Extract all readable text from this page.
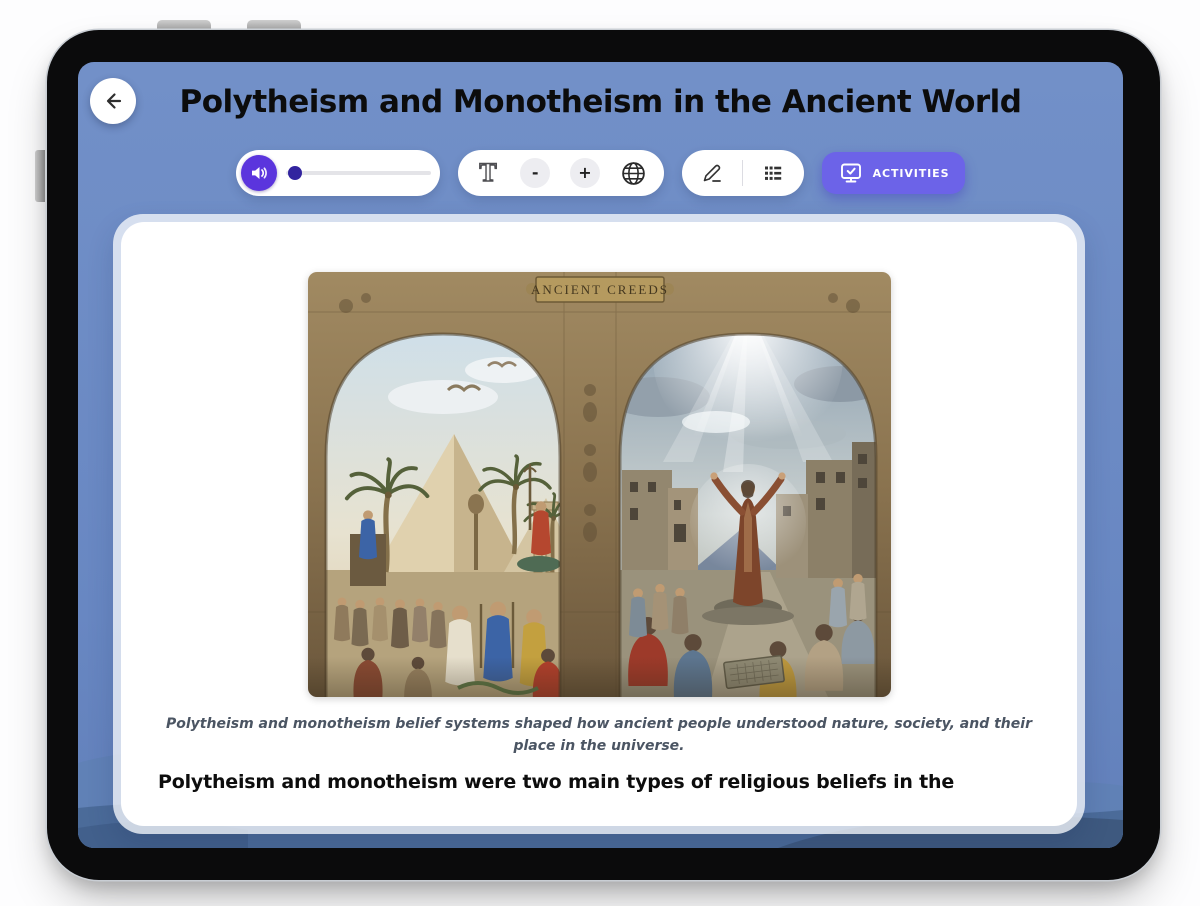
Polytheism and Monotheism in the Ancient World
T	-	+	ACTIVITIES
ANCIENT CREEDS

Polytheism and monotheism belief systems shaped how ancient people understood nature, society, and their place in the universe.

Polytheism and monotheism were two main types of religious beliefs in the
